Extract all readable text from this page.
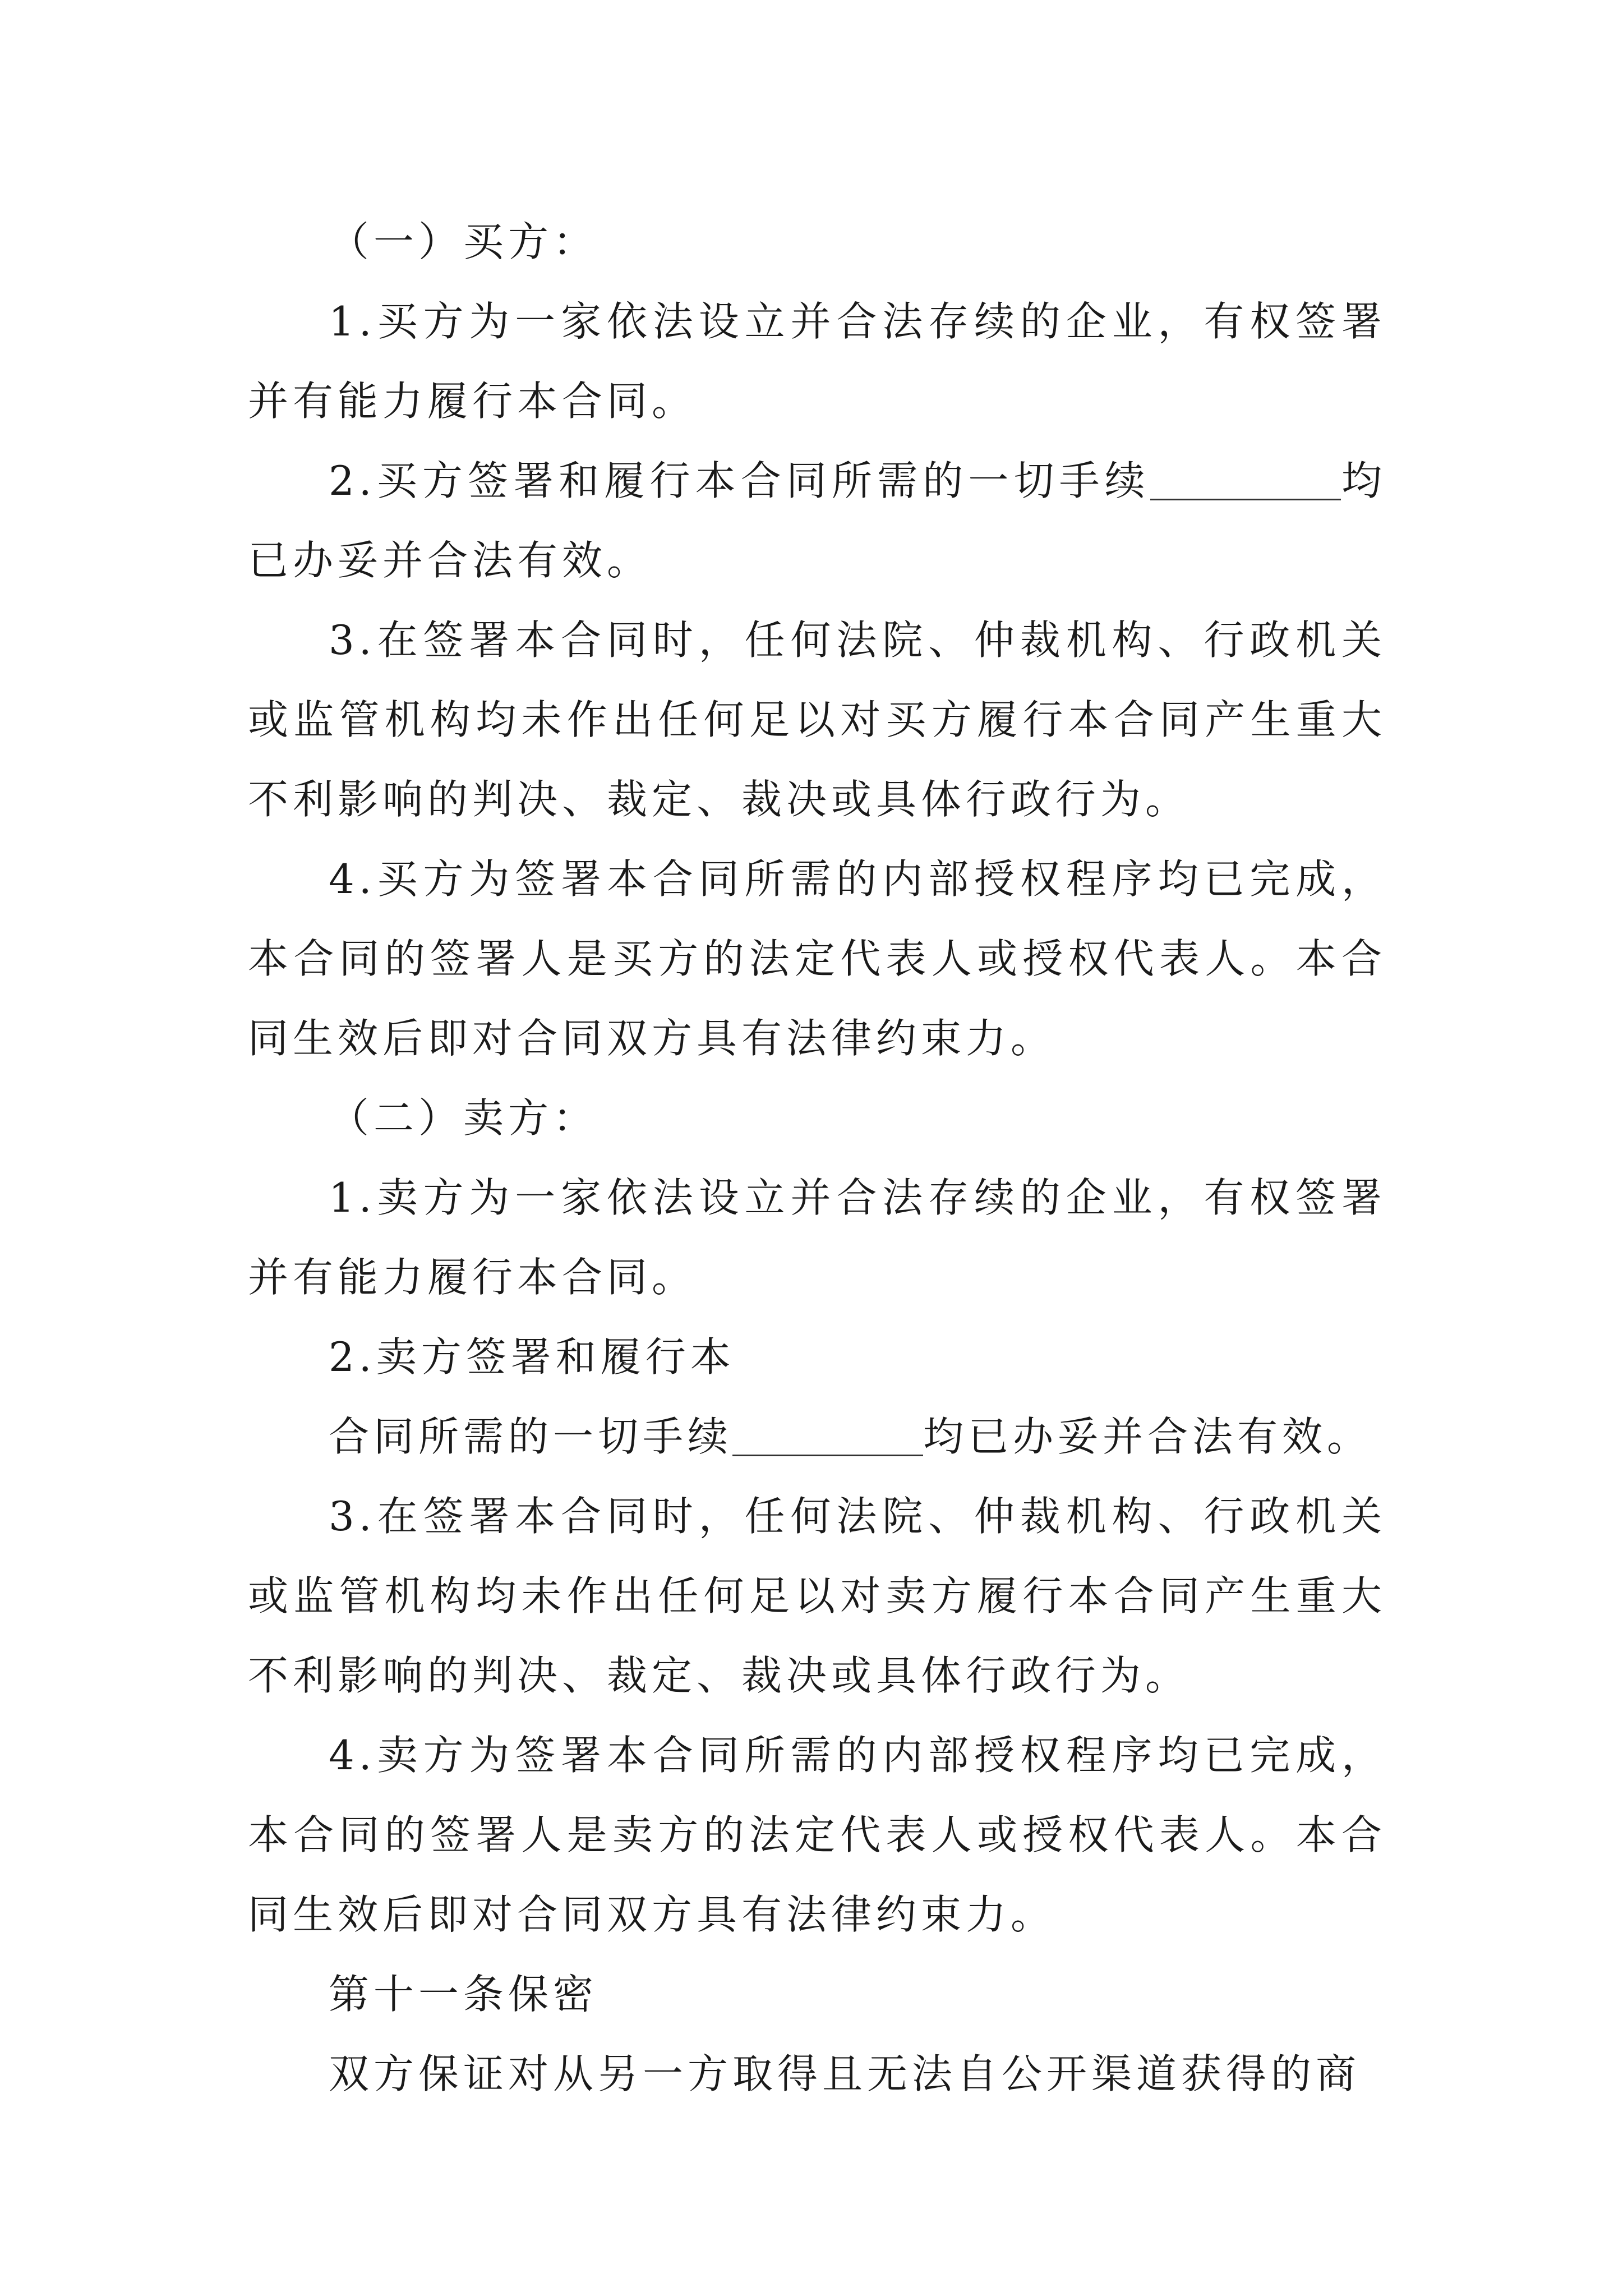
（一）买方：

1.买方为一家依法设立并合法存续的企业，有权签署并有能力履行本合同。

2.买方签署和履行本合同所需的一切手续	均已办妥并合法有效。

3.在签署本合同时，任何法院、仲裁机构、行政机关或监管机构均未作出任何足以对买方履行本合同产生重大不利影响的判决、裁定、裁决或具体行政行为。

4.买方为签署本合同所需的内部授权程序均已完成，本合同的签署人是买方的法定代表人或授权代表人。本合同生效后即对合同双方具有法律约束力。

（二）卖方：

1.卖方为一家依法设立并合法存续的企业，有权签署并有能力履行本合同。

2.卖方签署和履行本

合同所需的一切手续	均已办妥并合法有效。

3.在签署本合同时，任何法院、仲裁机构、行政机关或监管机构均未作出任何足以对卖方履行本合同产生重大不利影响的判决、裁定、裁决或具体行政行为。

4.卖方为签署本合同所需的内部授权程序均已完成，本合同的签署人是卖方的法定代表人或授权代表人。本合同生效后即对合同双方具有法律约束力。

第十一条保密

双方保证对从另一方取得且无法自公开渠道获得的商
